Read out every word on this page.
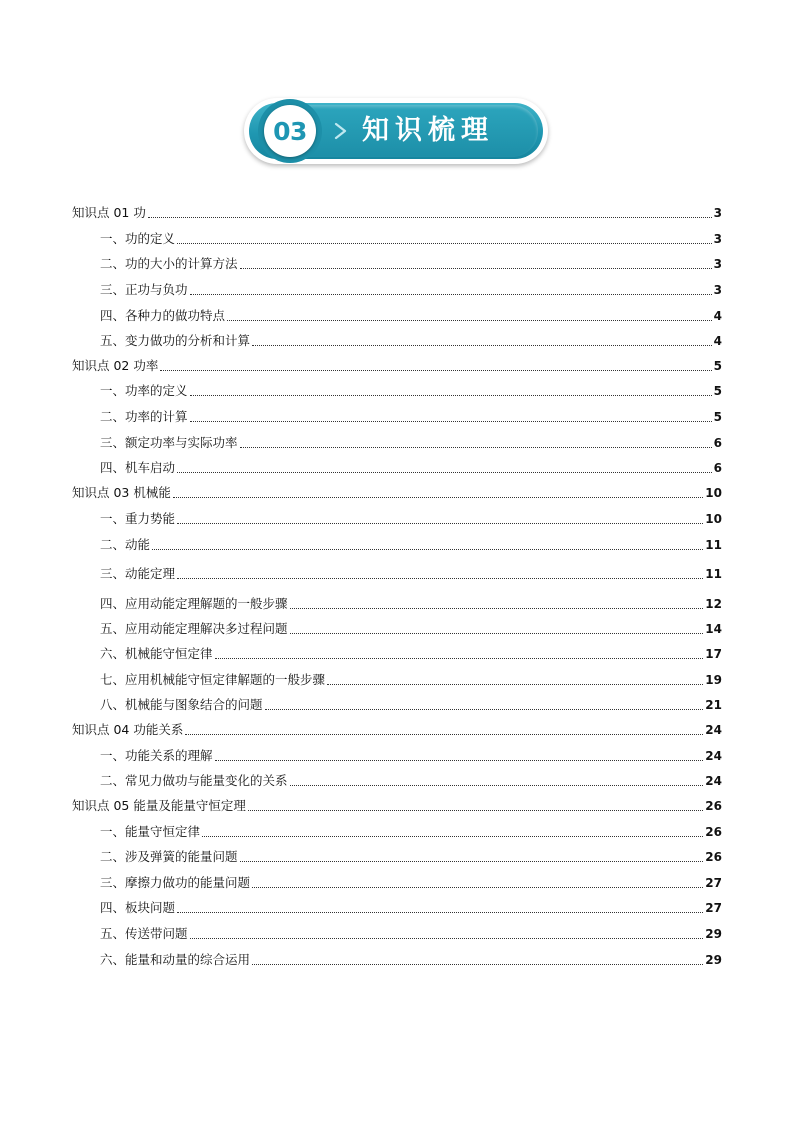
03 知识梳理
知识点 01 功	3
一、功的定义	3
二、功的大小的计算方法	3
三、正功与负功	3
四、各种力的做功特点	4
五、变力做功的分析和计算	4
知识点 02 功率	5
一、功率的定义	5
二、功率的计算	5
三、额定功率与实际功率	6
四、机车启动	6
知识点 03 机械能	10
一、重力势能	10
二、动能	11
三、动能定理	11
四、应用动能定理解题的一般步骤	12
五、应用动能定理解决多过程问题	14
六、机械能守恒定律	17
七、应用机械能守恒定律解题的一般步骤	19
八、机械能与图象结合的问题	21
知识点 04 功能关系	24
一、功能关系的理解	24
二、常见力做功与能量变化的关系	24
知识点 05 能量及能量守恒定理	26
一、能量守恒定律	26
二、涉及弹簧的能量问题	26
三、摩擦力做功的能量问题	27
四、板块问题	27
五、传送带问题	29
六、能量和动量的综合运用	29
